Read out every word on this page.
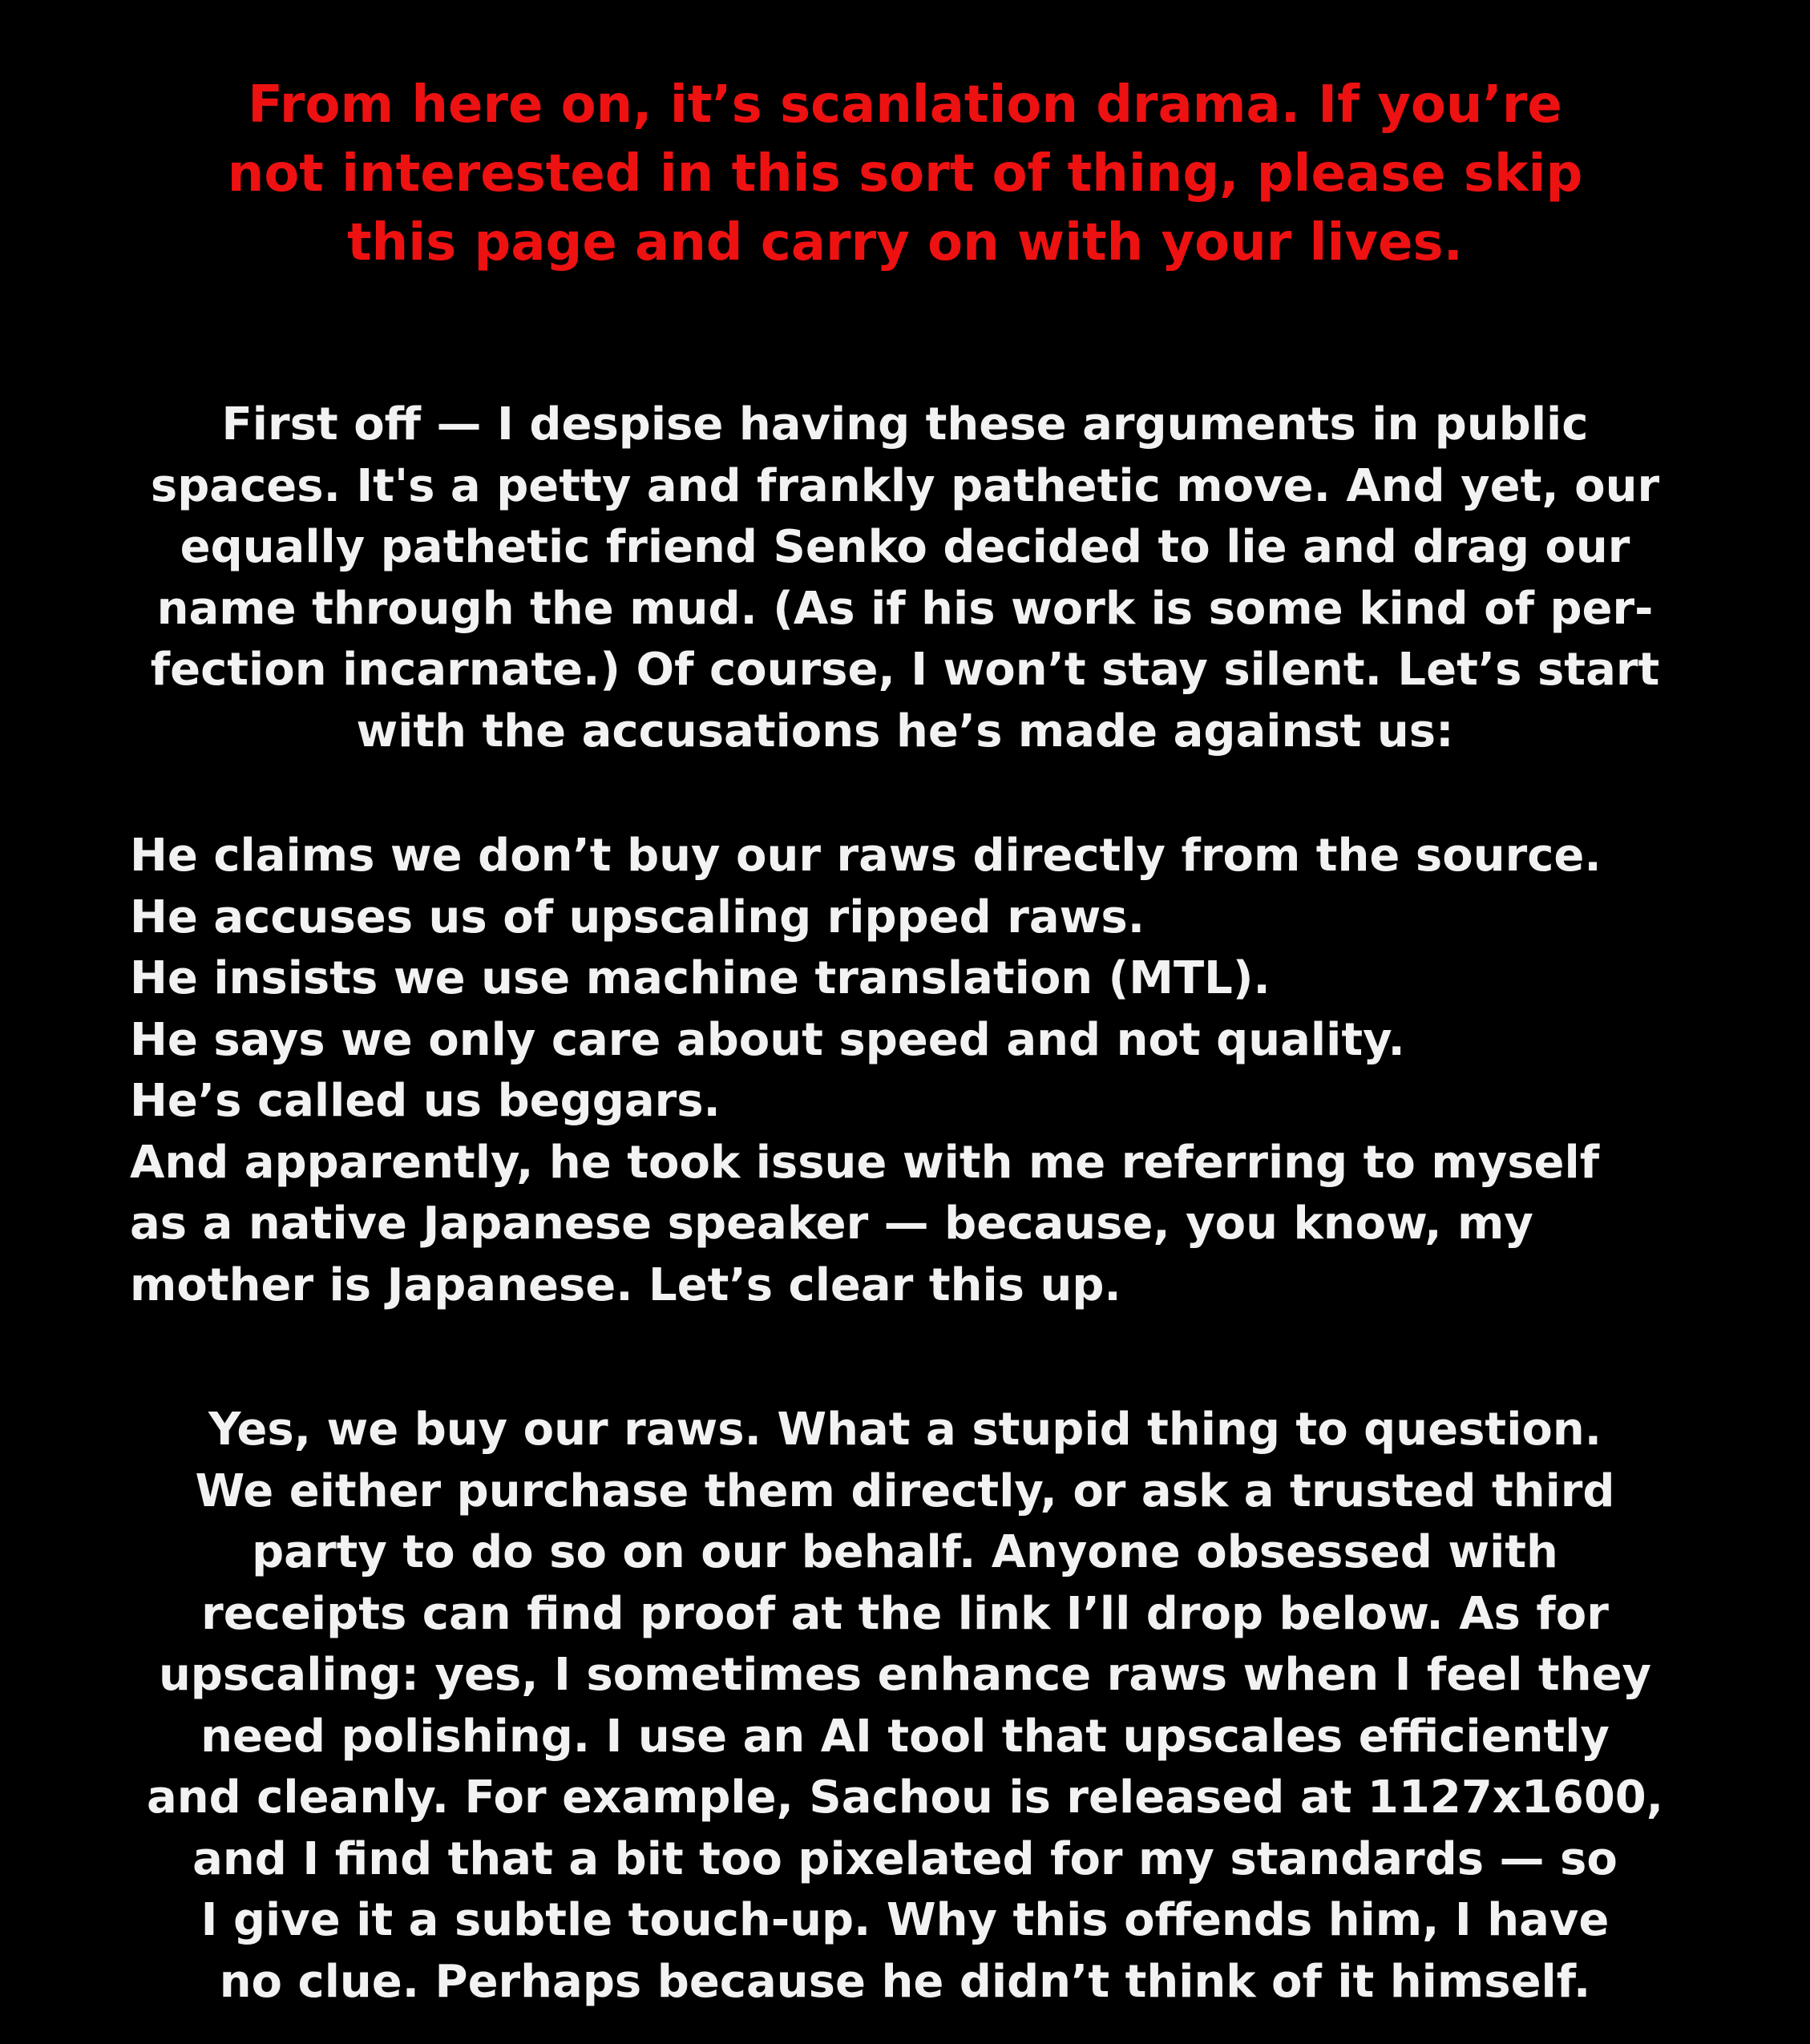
From here on, it’s scanlation drama. If you’re
not interested in this sort of thing, please skip
this page and carry on with your lives.
First off — I despise having these arguments in public
spaces. It's a petty and frankly pathetic move. And yet, our
equally pathetic friend Senko decided to lie and drag our
name through the mud. (As if his work is some kind of per-
fection incarnate.) Of course, I won’t stay silent. Let’s start
with the accusations he’s made against us:
He claims we don’t buy our raws directly from the source.
He accuses us of upscaling ripped raws.
He insists we use machine translation (MTL).
He says we only care about speed and not quality.
He’s called us beggars.
And apparently, he took issue with me referring to myself
as a native Japanese speaker — because, you know, my
mother is Japanese. Let’s clear this up.
Yes, we buy our raws. What a stupid thing to question.
We either purchase them directly, or ask a trusted third
party to do so on our behalf. Anyone obsessed with
receipts can find proof at the link I’ll drop below. As for
upscaling: yes, I sometimes enhance raws when I feel they
need polishing. I use an AI tool that upscales efficiently
and cleanly. For example, Sachou is released at 1127x1600,
and I find that a bit too pixelated for my standards — so
I give it a subtle touch-up. Why this offends him, I have
no clue. Perhaps because he didn’t think of it himself.
